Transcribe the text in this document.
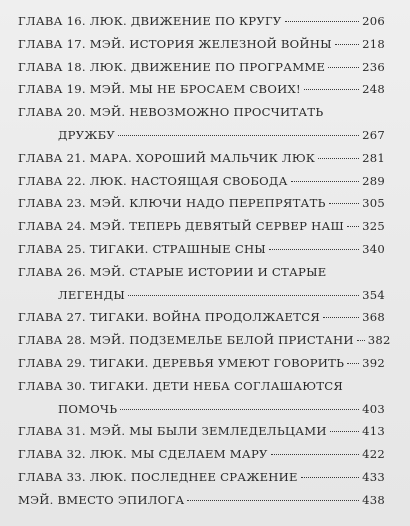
ГЛАВА 16. ЛЮК. ДВИЖЕНИЕ ПО КРУГУ	206
ГЛАВА 17. МЭЙ. ИСТОРИЯ ЖЕЛЕЗНОЙ ВОЙНЫ	218
ГЛАВА 18. ЛЮК. ДВИЖЕНИЕ ПО ПРОГРАММЕ	236
ГЛАВА 19. МЭЙ. МЫ НЕ БРОСАЕМ СВОИХ!	248
ГЛАВА 20. МЭЙ. НЕВОЗМОЖНО ПРОСЧИТАТЬ
ДРУЖБУ	267
ГЛАВА 21. МАРА. ХОРОШИЙ МАЛЬЧИК ЛЮК	281
ГЛАВА 22. ЛЮК. НАСТОЯЩАЯ СВОБОДА	289
ГЛАВА 23. МЭЙ. КЛЮЧИ НАДО ПЕРЕПРЯТАТЬ	305
ГЛАВА 24. МЭЙ. ТЕПЕРЬ ДЕВЯТЫЙ СЕРВЕР НАШ 325
ГЛАВА 25. ТИГАКИ. СТРАШНЫЕ СНЫ	340
ГЛАВА 26. МЭЙ. СТАРЫЕ ИСТОРИИ И СТАРЫЕ
ЛЕГЕНДЫ	354
ГЛАВА 27. ТИГАКИ. ВОЙНА ПРОДОЛЖАЕТСЯ	368
ГЛАВА 28. МЭЙ. ПОДЗЕМЕЛЬЕ БЕЛОЙ ПРИСТАНИ 382
ГЛАВА 29. ТИГАКИ. ДЕРЕВЬЯ УМЕЮТ ГОВОРИТЬ 392
ГЛАВА 30. ТИГАКИ. ДЕТИ НЕБА СОГЛАШАЮТСЯ
ПОМОЧЬ	403
ГЛАВА 31. МЭЙ. МЫ БЫЛИ ЗЕМЛЕДЕЛЬЦАМИ	413
ГЛАВА 32. ЛЮК. МЫ СДЕЛАЕМ МАРУ	422
ГЛАВА 33. ЛЮК. ПОСЛЕДНЕЕ СРАЖЕНИЕ	433
МЭЙ. ВМЕСТО ЭПИЛОГА	438
